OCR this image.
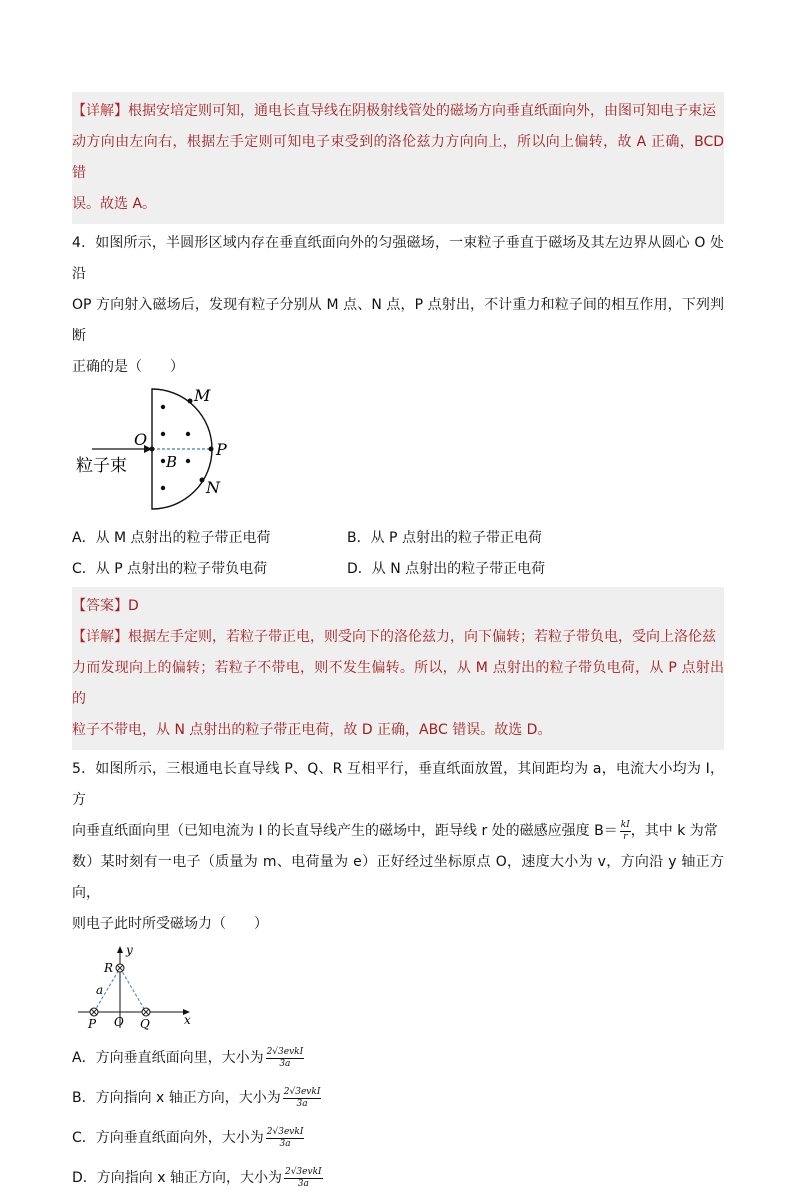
【详解】根据安培定则可知，通电长直导线在阴极射线管处的磁场方向垂直纸面向外，由图可知电子束运

动方向由左向右，根据左手定则可知电子束受到的洛伦兹力方向向上，所以向上偏转，故 A 正确，BCD 错

误。故选 A。

4．如图所示，半圆形区域内存在垂直纸面向外的匀强磁场，一束粒子垂直于磁场及其左边界从圆心 O 处沿

OP 方向射入磁场后，发现有粒子分别从 M 点、N 点，P 点射出，不计重力和粒子间的相互作用，下列判断

正确的是（　　）

M
O
P
B
N
粒子束
A．从 M 点射出的粒子带正电荷	B．从 P 点射出的粒子带正电荷
C．从 P 点射出的粒子带负电荷	D．从 N 点射出的粒子带正电荷

【答案】D

【详解】根据左手定则，若粒子带正电，则受向下的洛伦兹力，向下偏转；若粒子带负电，受向上洛伦兹

力而发现向上的偏转；若粒子不带电，则不发生偏转。所以，从 M 点射出的粒子带负电荷，从 P 点射出的

粒子不带电，从 N 点射出的粒子带正电荷，故 D 正确，ABC 错误。故选 D。

5．如图所示，三根通电长直导线 P、Q、R 互相平行，垂直纸面放置，其间距均为 a，电流大小均为 I，方

向垂直纸面向里（已知电流为 I 的长直导线产生的磁场中，距导线 r 处的磁感应强度 $B= \frac{kI}{r}$ ，其中 k 为常

数）某时刻有一电子（质量为 m、电荷量为 e）正好经过坐标原点 O，速度大小为 v，方向沿 y 轴正方向，

则电子此时所受磁场力（　　）

y
x
R
a
O
P	Q
A．方向垂直纸面向里，大小为 $\frac{\text{2√3evkI}}{3a}$
B．方向指向 x 轴正方向，大小为 $\frac{\text{2√3evkI}}{3a}$
C．方向垂直纸面向外，大小为 $\frac{\text{2√3evkI}}{3a}$
D．方向指向 x 轴正方向，大小为 $\frac{\text{2√3evkI}}{3a}$
